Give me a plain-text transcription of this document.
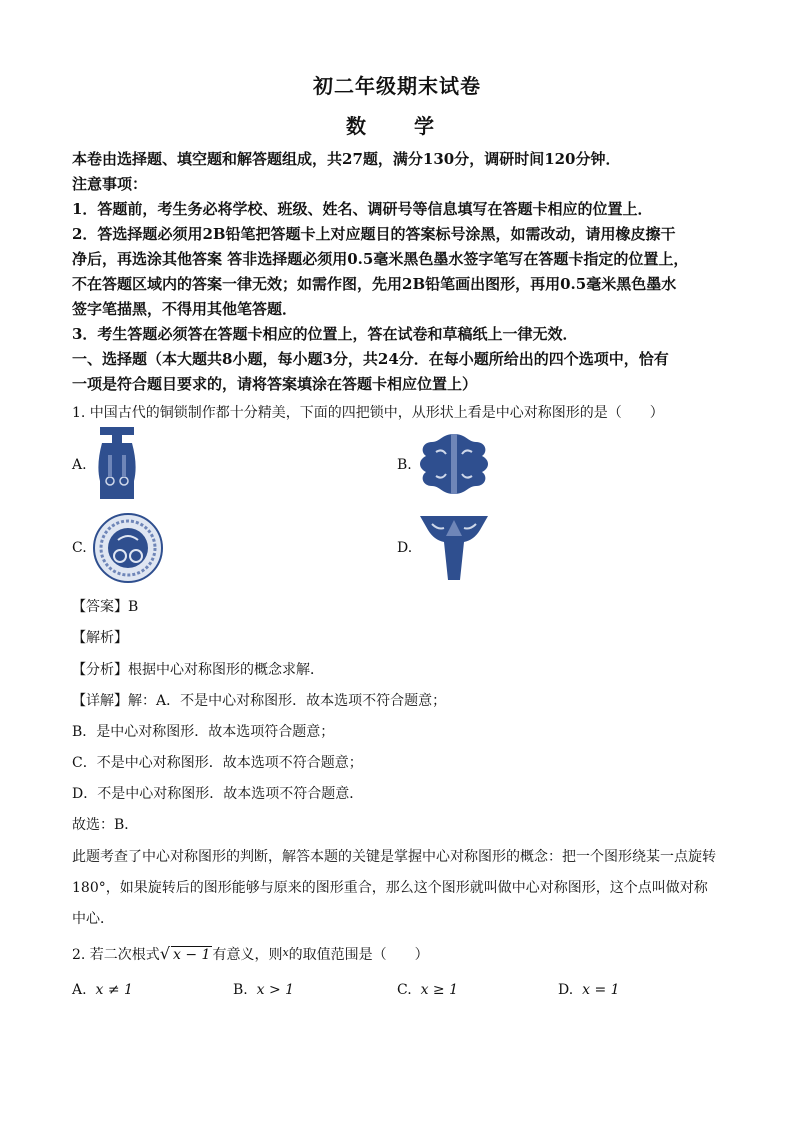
初二年级期末试卷
数　学
本卷由选择题、填空题和解答题组成，共27题，满分130分，调研时间120分钟．
注意事项：
1．答题前，考生务必将学校、班级、姓名、调研号等信息填写在答题卡相应的位置上．
2．答选择题必须用2B铅笔把答题卡上对应题目的答案标号涂黑，如需改动，请用橡皮擦干
净后，再选涂其他答案 答非选择题必须用0.5毫米黑色墨水签字笔写在答题卡指定的位置上，
不在答题区域内的答案一律无效；如需作图，先用2B铅笔画出图形，再用0.5毫米黑色墨水
签字笔描黑，不得用其他笔答题．
3．考生答题必须答在答题卡相应的位置上，答在试卷和草稿纸上一律无效．
一、选择题（本大题共8小题，每小题3分，共24分．在每小题所给出的四个选项中，恰有
一项是符合题目要求的，请将答案填涂在答题卡相应位置上）
1. 中国古代的铜锁制作都十分精美，下面的四把锁中，从形状上看是中心对称图形的是（　　）
A.	B.
C.	D.
【答案】B
【解析】
【分析】根据中心对称图形的概念求解．
【详解】解：A．不是中心对称图形．故本选项不符合题意；
B．是中心对称图形．故本选项符合题意；
C．不是中心对称图形．故本选项不符合题意；
D．不是中心对称图形．故本选项不符合题意．
故选：B．
此题考查了中心对称图形的判断，解答本题的关键是掌握中心对称图形的概念：把一个图形绕某一点旋转
180°，如果旋转后的图形能够与原来的图形重合，那么这个图形就叫做中心对称图形，这个点叫做对称
中心．
2. 若二次根式√ x − 1 有意义，则$^x$的取值范围是（　　）
A. x ≠ 1	B. x > 1	C. x ≥ 1	D. x = 1
